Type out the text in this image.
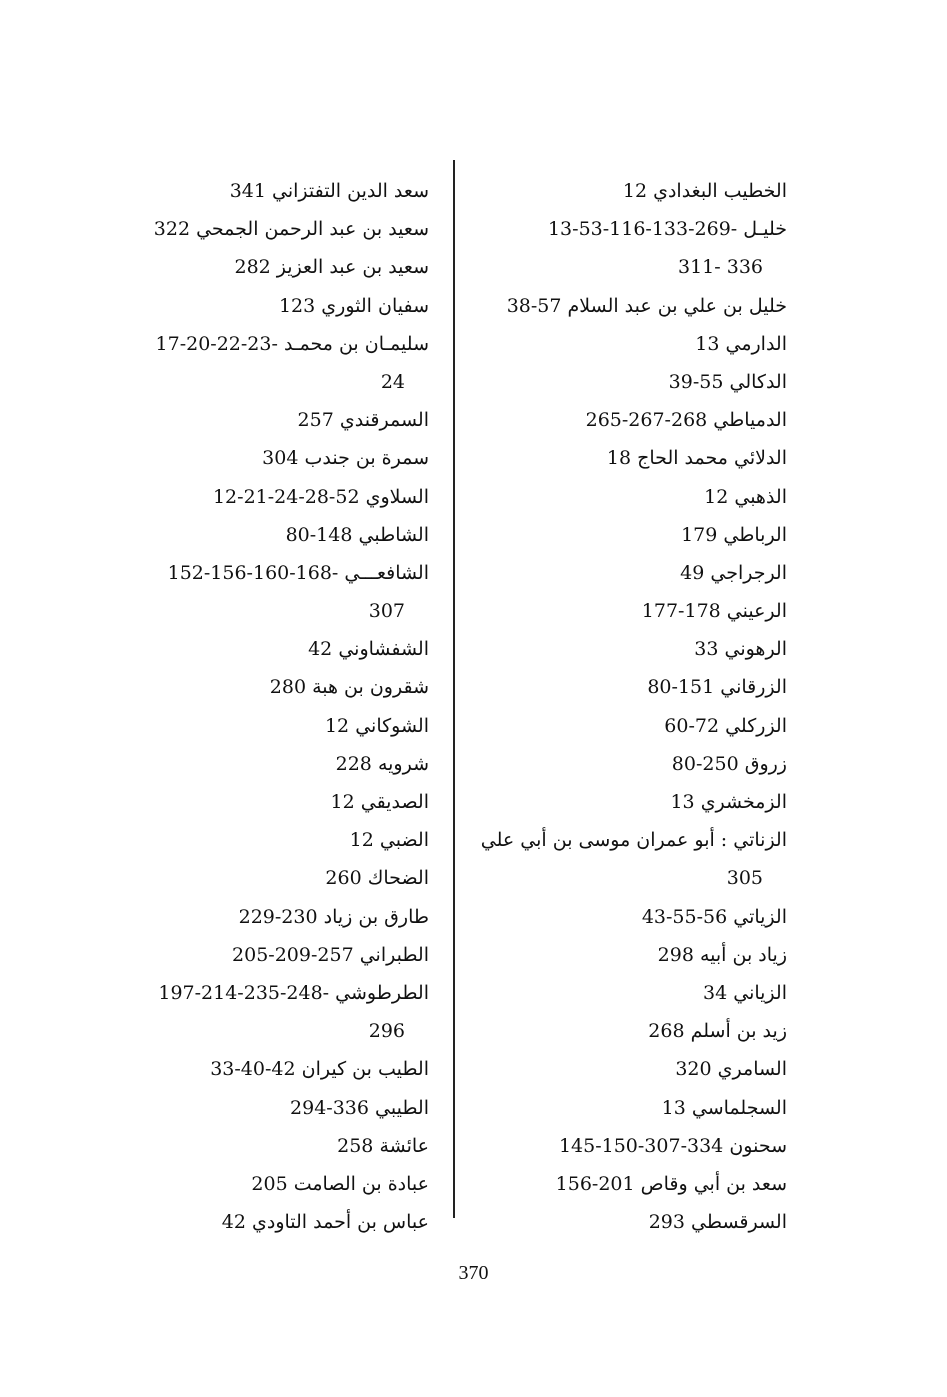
الخطيب البغدادي 12
خليـل 13-53-116-133-269-
311- 336
خليل بن علي بن عبد السلام 38-57
الدارمي 13
الدكالي 39-55
الدمياطي 265-267-268
الدلائي محمد الحاج 18
الذهبي 12
الرباطي 179
الرجراجي 49
الرعيني 177-178
الرهوني 33
الزرقاني 80-151
الزركلي 60-72
زروق 80-250
الزمخشري 13
الزناتي : أبو عمران موسى بن أبي علي
305
الزياتي 43-55-56
زياد بن أبيه 298
الزياني 34
زيد بن أسلم 268
السامري 320
السجلماسي 13
سحنون 145-150-307-334
سعد بن أبي وقاص 156-201
السرقسطي 293
سعد الدين التفتزاني 341
سعيد بن عبد الرحمن الجمحي 322
سعيد بن عبد العزيز 282
سفيان الثوري 123
سليمـان بن محمـد 17-20-22-23-
24
السمرقندي 257
سمرة بن جندب 304
السلاوي 12-21-24-28-52
الشاطبي 80-148
الشافعـــي 152-156-160-168-
307
الشفشاوني 42
شقرون بن هبة 280
الشوكاني 12
شرويه 228
الصديقي 12
الضبي 12
الضحاك 260
طارق بن زياد 229-230
الطبراني 205-209-257
الطرطوشي 197-214-235-248-
296
الطيب بن كيران 33-40-42
الطيبي 294-336
عائشة 258
عبادة بن الصامت 205
عباس بن أحمد التاودي 42
370
